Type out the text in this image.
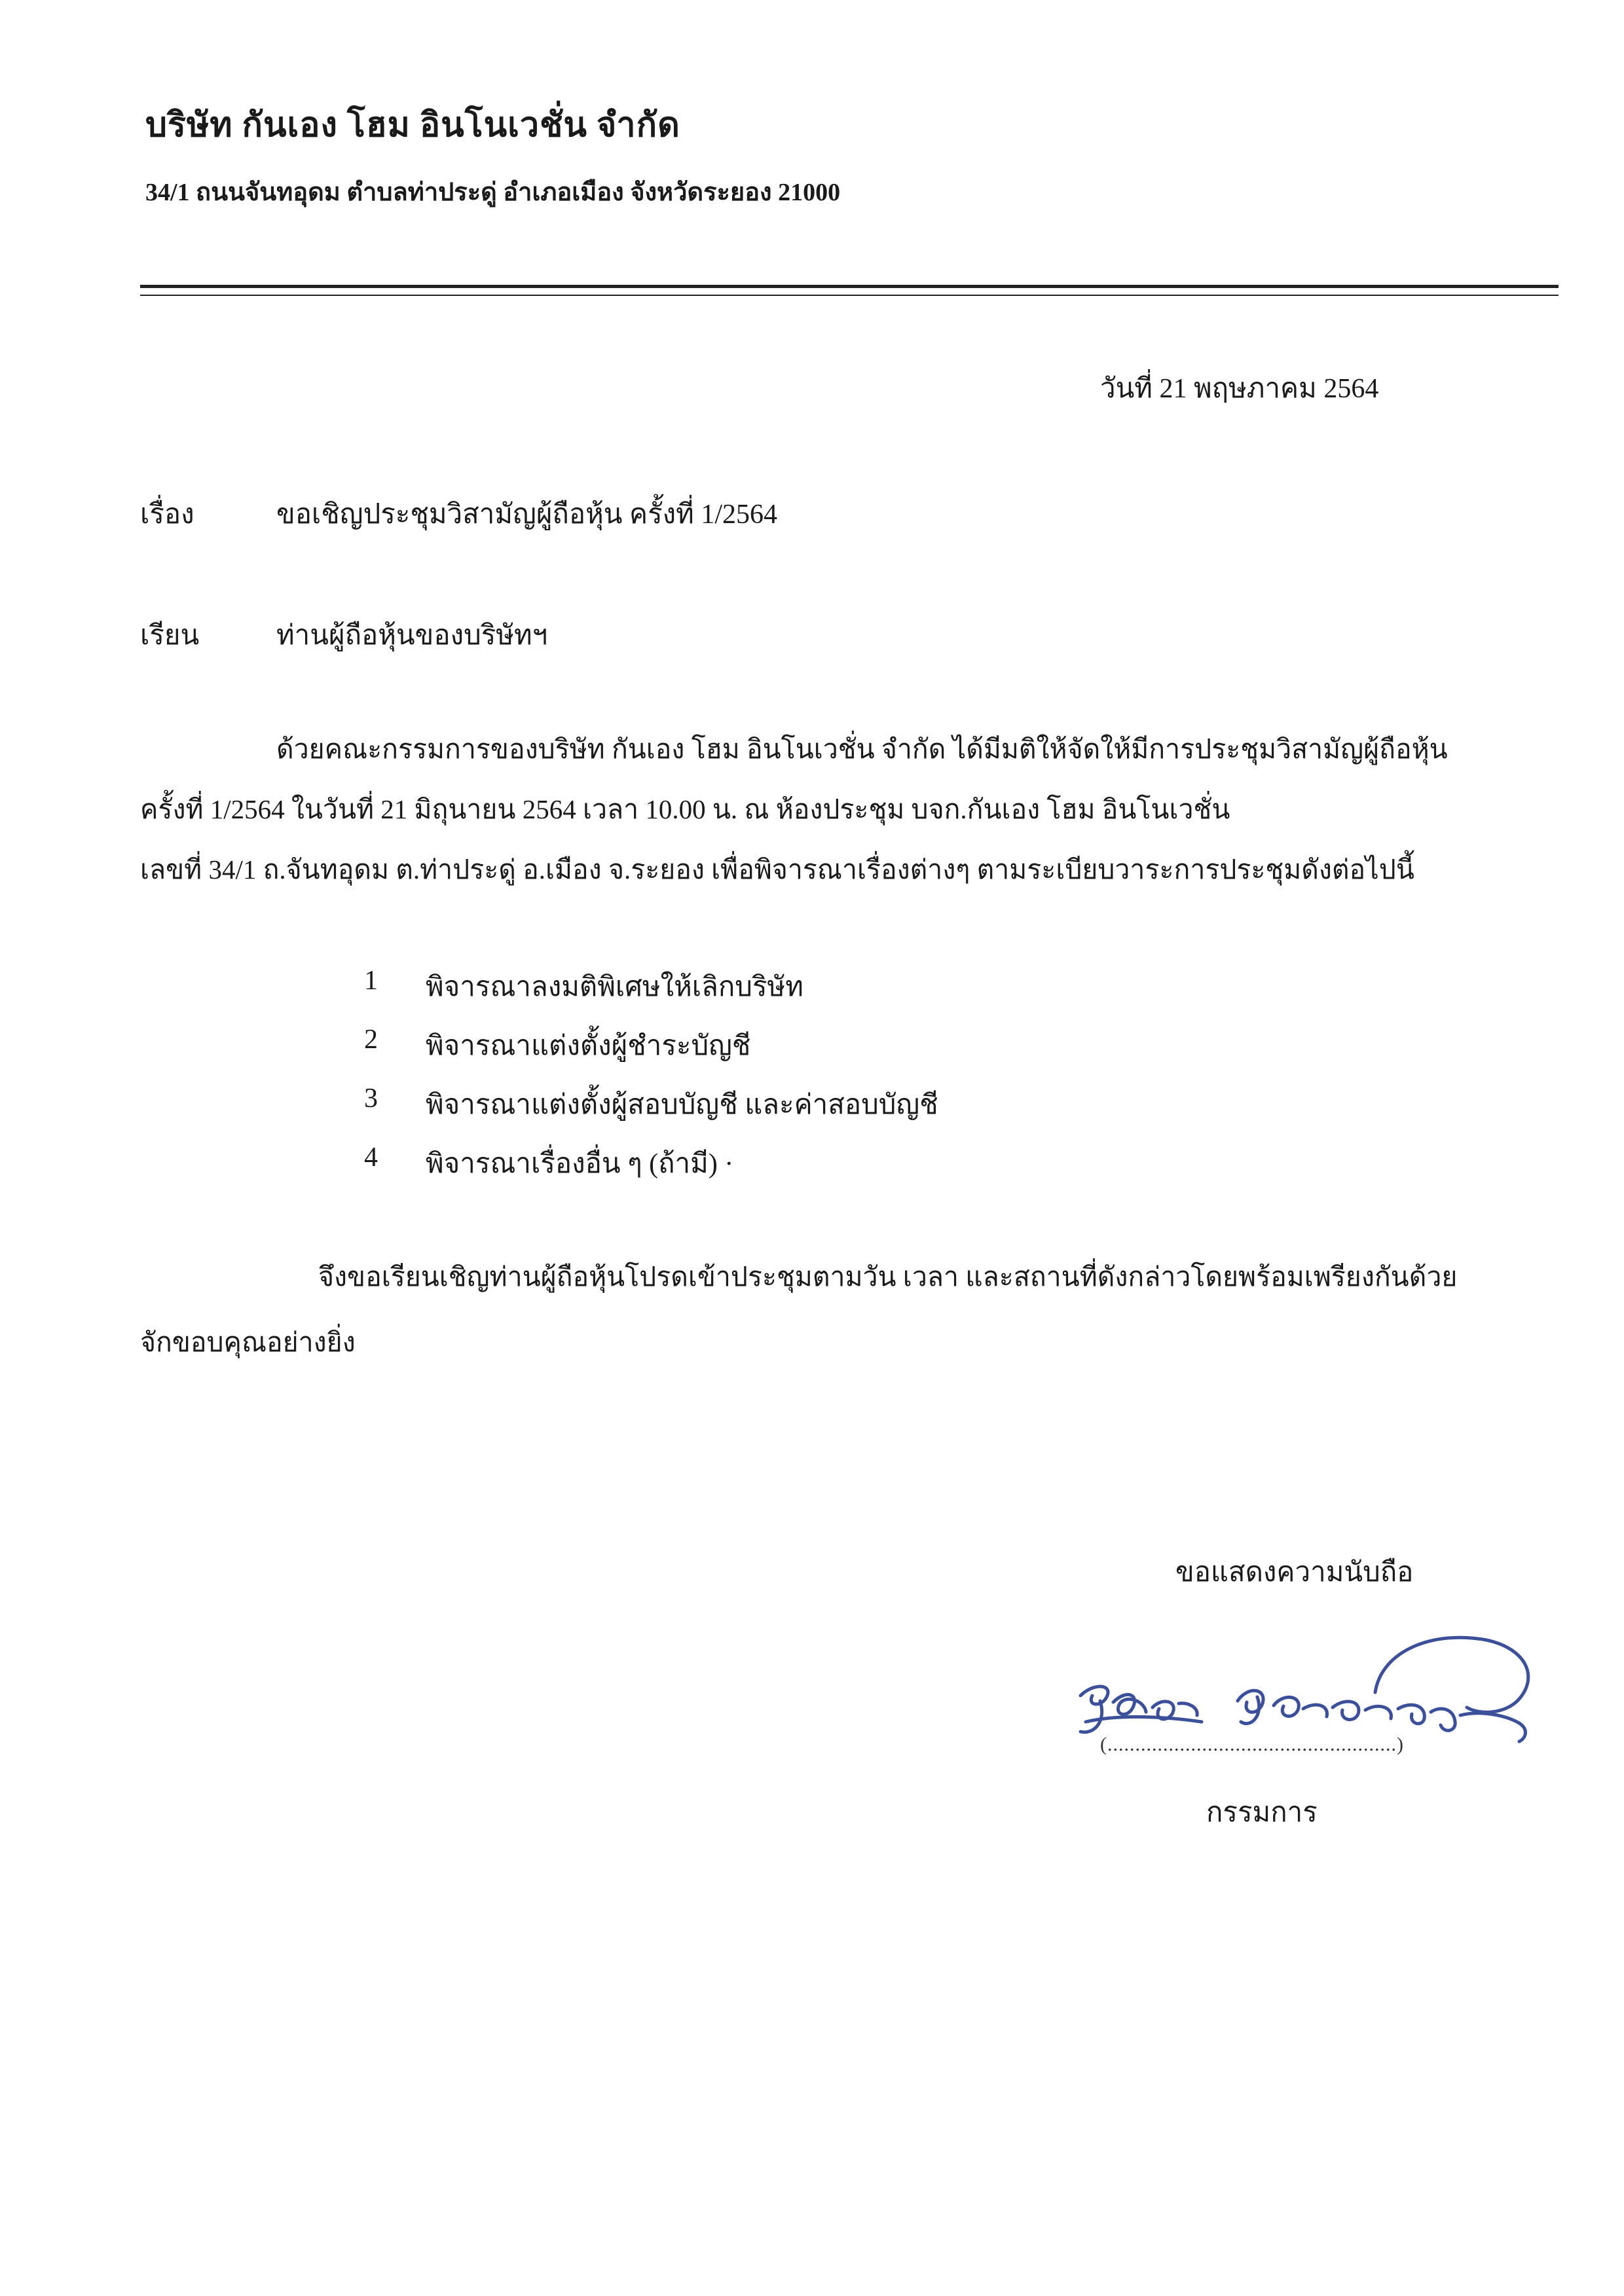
บริษัท กันเอง โฮม อินโนเวชั่น จำกัด
34/1 ถนนจันทอุดม ตำบลท่าประดู่ อำเภอเมือง จังหวัดระยอง 21000
วันที่ 21 พฤษภาคม 2564
เรื่อง	ขอเชิญประชุมวิสามัญผู้ถือหุ้น ครั้งที่ 1/2564
เรียน	ท่านผู้ถือหุ้นของบริษัทฯ
ด้วยคณะกรรมการของบริษัท กันเอง โฮม อินโนเวชั่น จำกัด ได้มีมติให้จัดให้มีการประชุมวิสามัญผู้ถือหุ้น
ครั้งที่ 1/2564 ในวันที่ 21 มิถุนายน 2564 เวลา 10.00 น. ณ ห้องประชุม บจก.กันเอง โฮม อินโนเวชั่น
เลขที่ 34/1 ถ.จันทอุดม ต.ท่าประดู่ อ.เมือง จ.ระยอง เพื่อพิจารณาเรื่องต่างๆ ตามระเบียบวาระการประชุมดังต่อไปนี้
1 พิจารณาลงมติพิเศษให้เลิกบริษัท
2 พิจารณาแต่งตั้งผู้ชำระบัญชี
3 พิจารณาแต่งตั้งผู้สอบบัญชี และค่าสอบบัญชี
4 พิจารณาเรื่องอื่น ๆ (ถ้ามี) ·
จึงขอเรียนเชิญท่านผู้ถือหุ้นโปรดเข้าประชุมตามวัน เวลา และสถานที่ดังกล่าวโดยพร้อมเพรียงกันด้วย
จักขอบคุณอย่างยิ่ง
ขอแสดงความนับถือ
(....................................................)
กรรมการ
